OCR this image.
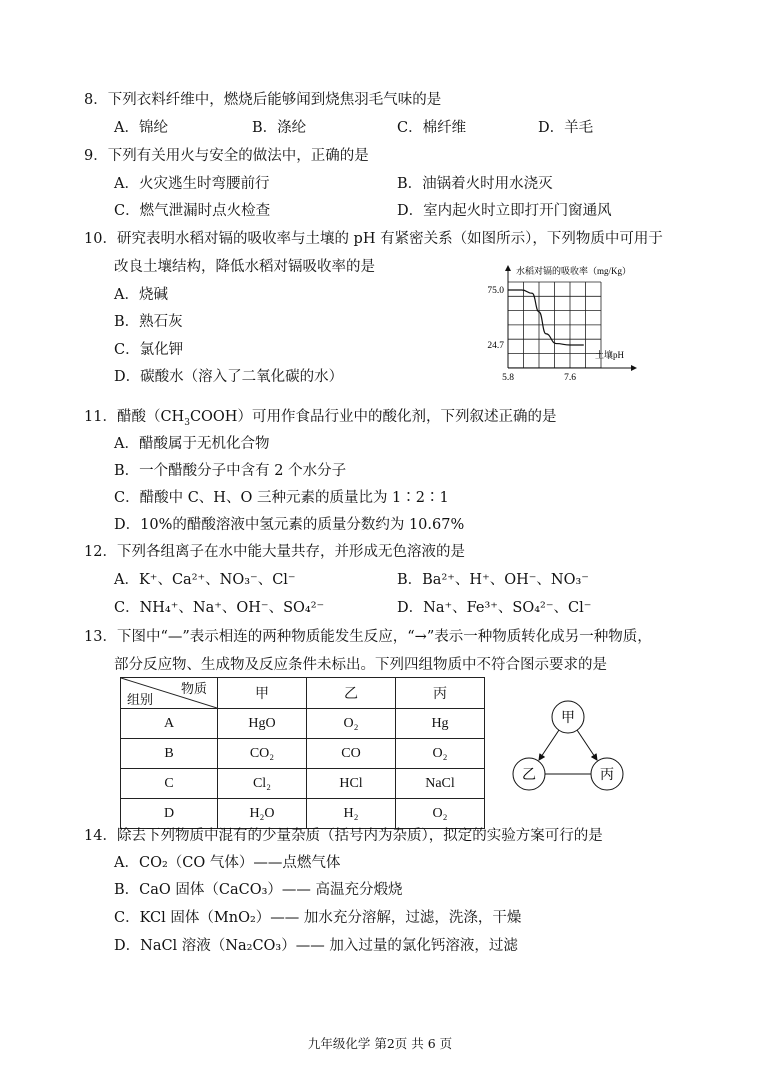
8．下列衣料纤维中，燃烧后能够闻到烧焦羽毛气味的是
A．锦纶	B．涤纶	C．棉纤维	D．羊毛
9．下列有关用火与安全的做法中，正确的是
A．火灾逃生时弯腰前行	B．油锅着火时用水浇灭
C．燃气泄漏时点火检查	D．室内起火时立即打开门窗通风
10．研究表明水稻对镉的吸收率与土壤的 pH 有紧密关系（如图所示），下列物质中可用于
改良土壤结构，降低水稻对镉吸收率的是
A．烧碱
B．熟石灰
C．氯化钾
D．碳酸水（溶入了二氧化碳的水）
水稻对镉的吸收率（mg/Kg）
土壤pH
75.0
24.7
5.8	7.6
11．醋酸$(CH_3COOH)$可用作食品行业中的酸化剂，下列叙述正确的是
A．醋酸属于无机化合物
B．一个醋酸分子中含有 2 个水分子
C．醋酸中 C、H、O 三种元素的质量比为 1∶2∶1
D．10%的醋酸溶液中氢元素的质量分数约为 10.67%
12．下列各组离子在水中能大量共存，并形成无色溶液的是
A．K⁺、Ca²⁺、NO₃⁻、Cl⁻	B．Ba²⁺、H⁺、OH⁻、NO₃⁻
C．NH₄⁺、Na⁺、OH⁻、SO₄²⁻	D．Na⁺、Fe³⁺、SO₄²⁻、Cl⁻
13．下图中“—”表示相连的两种物质能发生反应，“→”表示一种物质转化成另一种物质，
部分反应物、生成物及反应条件未标出。下列四组物质中不符合图示要求的是
物质
组别	甲	乙	丙
A	HgO	O₂	Hg
B	CO₂	CO	O₂
C	Cl₂	HCl	NaCl
D	H₂O	H₂	O₂
甲
乙	丙
14．除去下列物质中混有的少量杂质（括号内为杂质），拟定的实验方案可行的是
A．CO₂（CO 气体）——点燃气体
B．CaO 固体（CaCO₃）—— 高温充分煅烧
C．KCl 固体（MnO₂）—— 加水充分溶解，过滤，洗涤，干燥
D．NaCl 溶液（Na₂CO₃）—— 加入过量的氯化钙溶液，过滤
九年级化学 第2页 共 6 页
